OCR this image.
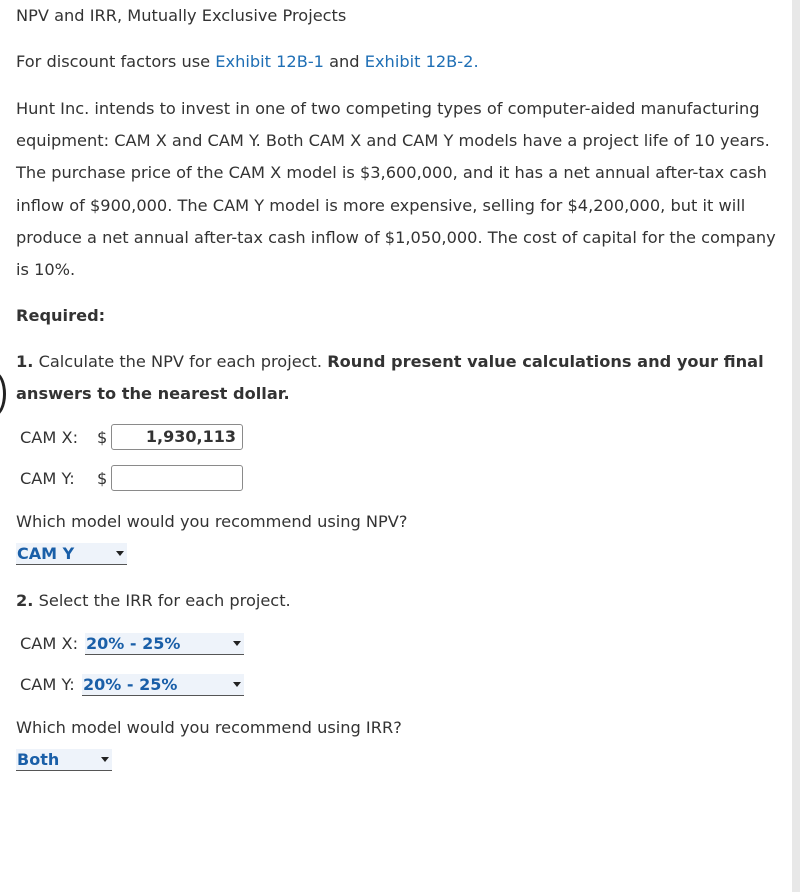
NPV and IRR, Mutually Exclusive Projects
For discount factors use Exhibit 12B-1 and Exhibit 12B-2.
Hunt Inc. intends to invest in one of two competing types of computer-aided manufacturing equipment: CAM X and CAM Y. Both CAM X and CAM Y models have a project life of 10 years. The purchase price of the CAM X model is $3,600,000, and it has a net annual after-tax cash inflow of $900,000. The CAM Y model is more expensive, selling for $4,200,000, but it will produce a net annual after-tax cash inflow of $1,050,000. The cost of capital for the company is 10%.
Required:
1. Calculate the NPV for each project. Round present value calculations and your final answers to the nearest dollar.
CAM X: $	1,930,113
CAM Y: $
Which model would you recommend using NPV?
CAM Y
2. Select the IRR for each project.
CAM X: 20% - 25%
CAM Y: 20% - 25%
Which model would you recommend using IRR?
Both
